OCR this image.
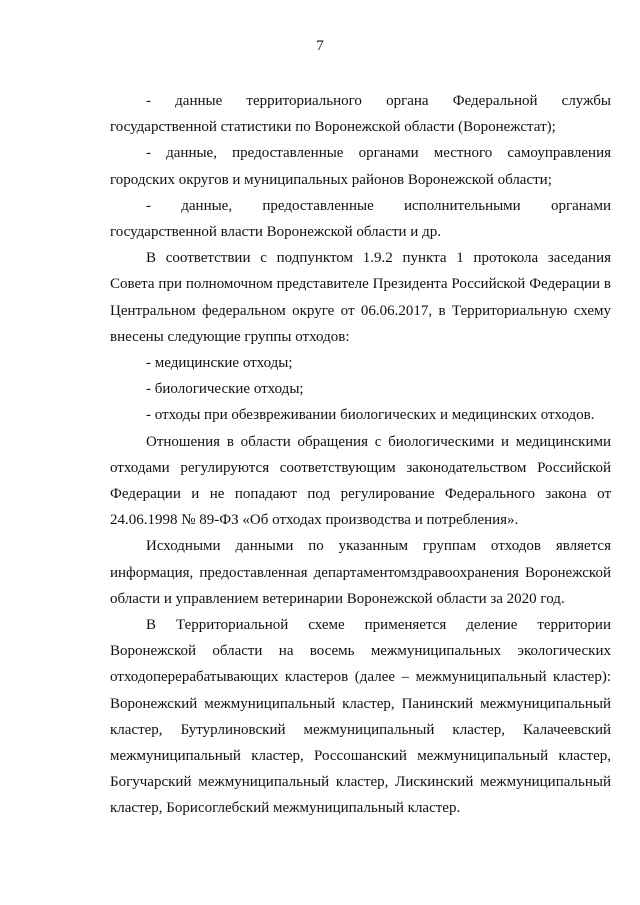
7

- данные территориального органа Федеральной службы государственной статистики по Воронежской области (Воронежстат);

- данные, предоставленные органами местного самоуправления городских округов и муниципальных районов Воронежской области;

- данные, предоставленные исполнительными органами государственной власти Воронежской области и др.

В соответствии с подпунктом 1.9.2 пункта 1 протокола заседания Совета при полномочном представителе Президента Российской Федерации в Центральном федеральном округе от 06.06.2017, в Территориальную схему внесены следующие группы отходов:

- медицинские отходы;

- биологические отходы;

- отходы при обезвреживании биологических и медицинских отходов.

Отношения в области обращения с биологическими и медицинскими отходами регулируются соответствующим законодательством Российской Федерации и не попадают под регулирование Федерального закона от 24.06.1998 № 89-ФЗ «Об отходах производства и потребления».

Исходными данными по указанным группам отходов является информация, предоставленная департаментомздравоохранения Воронежской области и управлением ветеринарии Воронежской области за 2020 год.

В Территориальной схеме применяется деление территории Воронежской области на восемь межмуниципальных экологических отходоперерабатывающих кластеров (далее – межмуниципальный кластер): Воронежский межмуниципальный кластер, Панинский межмуниципальный кластер, Бутурлиновский межмуниципальный кластер, Калачеевский межмуниципальный кластер, Россошанский межмуниципальный кластер, Богучарский межмуниципальный кластер, Лискинский межмуниципальный кластер, Борисоглебский межмуниципальный кластер.
